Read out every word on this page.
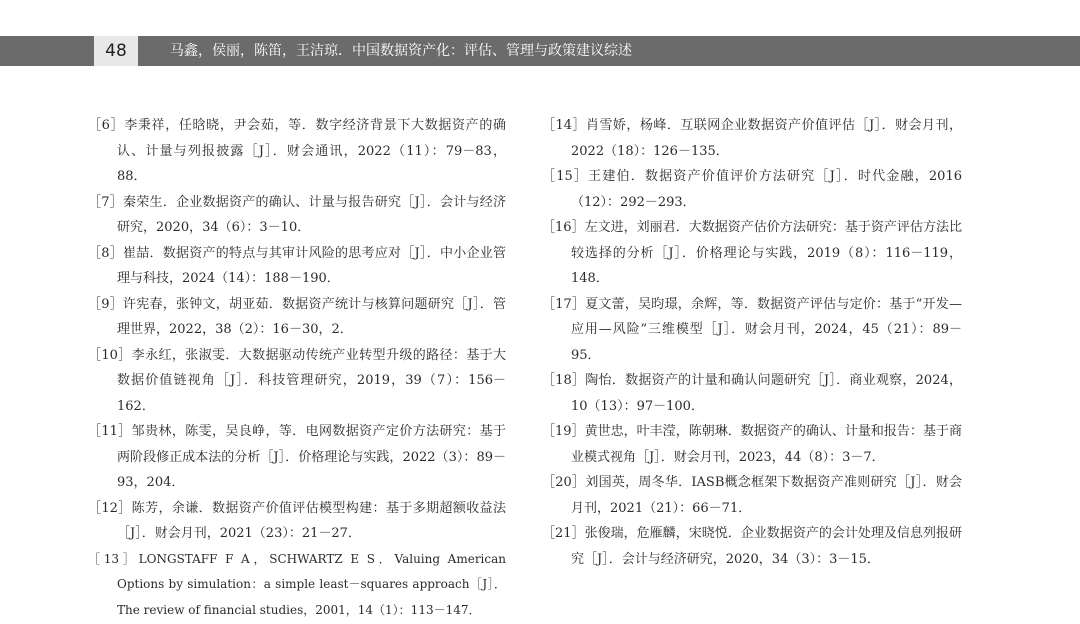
48	马鑫，侯丽，陈笛，王洁琼．中国数据资产化：评估、管理与政策建议综述

［6］李秉祥，任晗晓，尹会茹，等．数字经济背景下大数据资产的确认、计量与列报披露［J］．财会通讯，2022（11）：79－83，88．

［7］秦荣生．企业数据资产的确认、计量与报告研究［J］．会计与经济研究，2020，34（6）：3－10．

［8］崔喆．数据资产的特点与其审计风险的思考应对［J］．中小企业管理与科技，2024（14）：188－190．

［9］许宪春，张钟文，胡亚茹．数据资产统计与核算问题研究［J］．管理世界，2022，38（2）：16－30，2．

［10］李永红，张淑雯．大数据驱动传统产业转型升级的路径：基于大数据价值链视角［J］．科技管理研究，2019，39（7）：156－162．

［11］邹贵林，陈雯，吴良峥，等．电网数据资产定价方法研究：基于两阶段修正成本法的分析［J］．价格理论与实践，2022（3）：89－93，204．

［12］陈芳，余谦．数据资产价值评估模型构建：基于多期超额收益法［J］．财会月刊，2021（23）：21－27．

［13］LONGSTAFF F A，SCHWARTZ E S．Valuing American Options by simulation：a simple least－squares approach［J］．The review of financial studies，2001，14（1）：113－147．

［14］肖雪娇，杨峰．互联网企业数据资产价值评估［J］．财会月刊，2022（18）：126－135．

［15］王建伯．数据资产价值评价方法研究［J］．时代金融，2016（12）：292－293．

［16］左文进，刘丽君．大数据资产估价方法研究：基于资产评估方法比较选择的分析［J］．价格理论与实践，2019（8）：116－119，148．

［17］夏文蕾，吴昀璟，余辉，等．数据资产评估与定价：基于“开发—应用—风险”三维模型［J］．财会月刊，2024，45（21）：89－95．

［18］陶怡．数据资产的计量和确认问题研究［J］．商业观察，2024，10（13）：97－100．

［19］黄世忠，叶丰滢，陈朝琳．数据资产的确认、计量和报告：基于商业模式视角［J］．财会月刊，2023，44（8）：3－7．

［20］刘国英，周冬华．IASB概念框架下数据资产准则研究［J］．财会月刊，2021（21）：66－71．

［21］张俊瑞，危雁麟，宋晓悦．企业数据资产的会计处理及信息列报研究［J］．会计与经济研究，2020，34（3）：3－15．
